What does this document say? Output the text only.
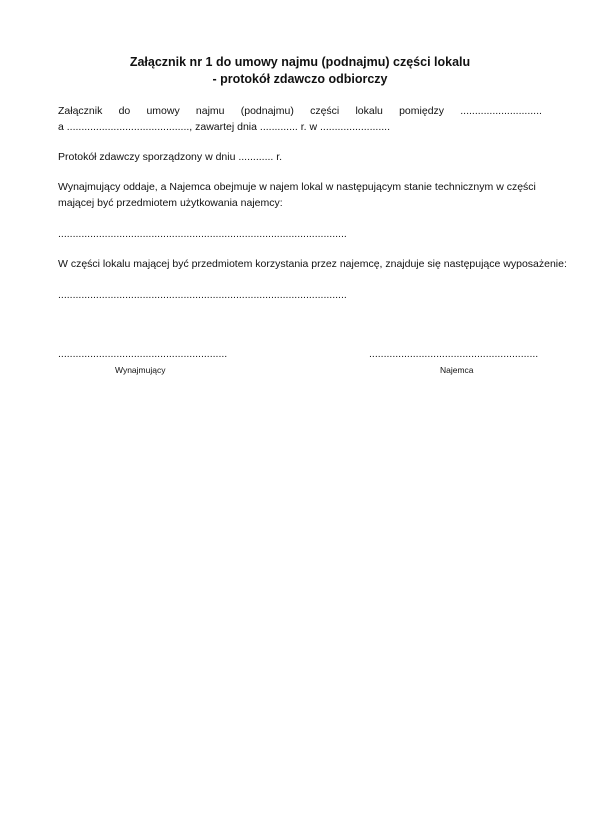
Załącznik nr 1 do umowy najmu (podnajmu) części lokalu
- protokół zdawczo odbiorczy
Załącznik do umowy najmu (podnajmu) części lokalu pomiędzy ............................
a .........................................., zawartej dnia ............. r. w ........................
Protokół zdawczy sporządzony w dniu ............ r.
Wynajmujący oddaje, a Najemca obejmuje w najem lokal w następującym stanie technicznym w części
mającej być przedmiotem użytkowania najemcy:
...................................................................................................
W części lokalu mającej być przedmiotem korzystania przez najemcę, znajduje się następujące wyposażenie:
...................................................................................................
..........................................................	..........................................................
Wynajmujący	Najemca
